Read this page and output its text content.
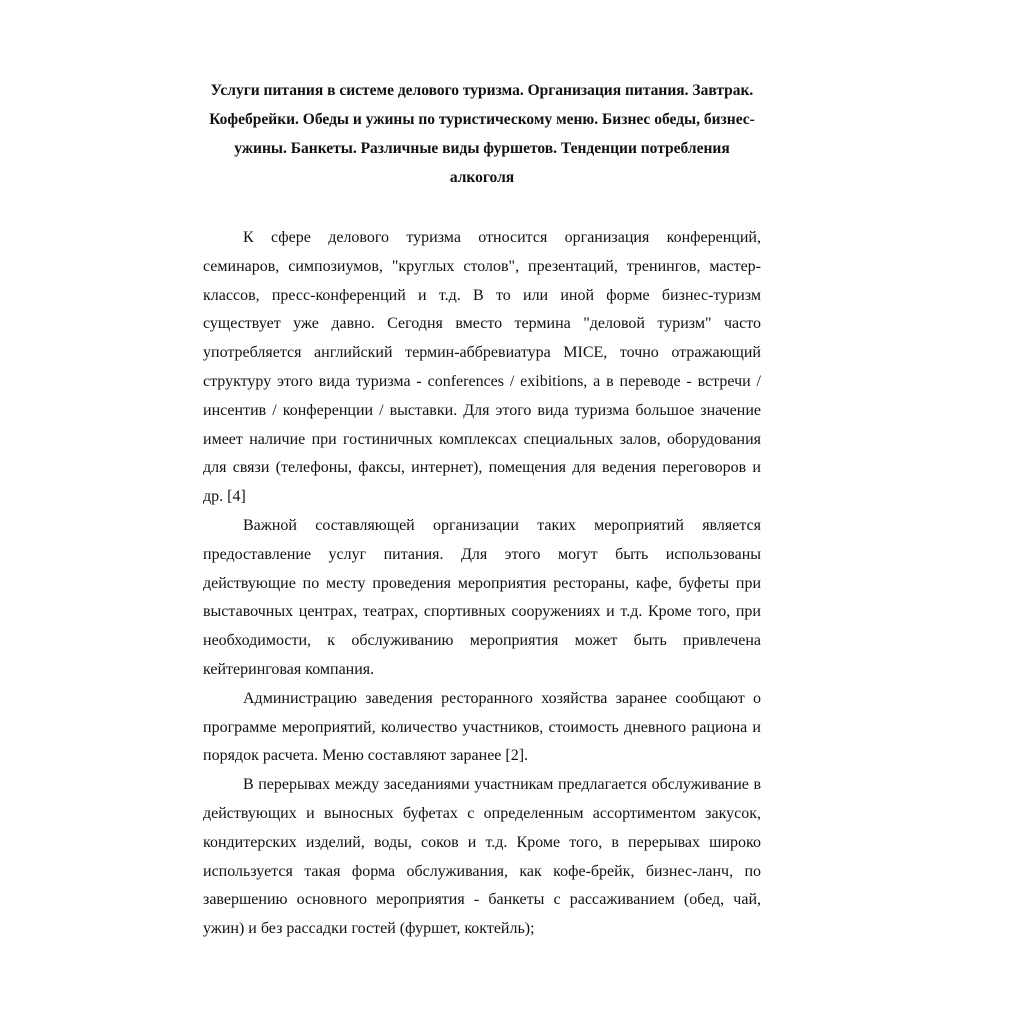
Услуги питания в системе делового туризма. Организация питания. Завтрак. Кофебрейки. Обеды и ужины по туристическому меню. Бизнес обеды, бизнес-ужины. Банкеты. Различные виды фуршетов. Тенденции потребления алкоголя

К сфере делового туризма относится организация конференций, семинаров, симпозиумов, "круглых столов", презентаций, тренингов, мастер-классов, пресс-конференций и т.д. В то или иной форме бизнес-туризм существует уже давно. Сегодня вместо термина "деловой туризм" часто употребляется английский термин-аббревиатура MICE, точно отражающий структуру этого вида туризма - conferences / exibitions, а в переводе - встречи / инсентив / конференции / выставки. Для этого вида туризма большое значение имеет наличие при гостиничных комплексах специальных залов, оборудования для связи (телефоны, факсы, интернет), помещения для ведения переговоров и др. [4]

Важной составляющей организации таких мероприятий является предоставление услуг питания. Для этого могут быть использованы действующие по месту проведения мероприятия рестораны, кафе, буфеты при выставочных центрах, театрах, спортивных сооружениях и т.д. Кроме того, при необходимости, к обслуживанию мероприятия может быть привлечена кейтеринговая компания.

Администрацию заведения ресторанного хозяйства заранее сообщают о программе мероприятий, количество участников, стоимость дневного рациона и порядок расчета. Меню составляют заранее [2].

В перерывах между заседаниями участникам предлагается обслуживание в действующих и выносных буфетах с определенным ассортиментом закусок, кондитерских изделий, воды, соков и т.д. Кроме того, в перерывах широко используется такая форма обслуживания, как кофе-брейк, бизнес-ланч, по завершению основного мероприятия - банкеты с рассаживанием (обед, чай, ужин) и без рассадки гостей (фуршет, коктейль);
